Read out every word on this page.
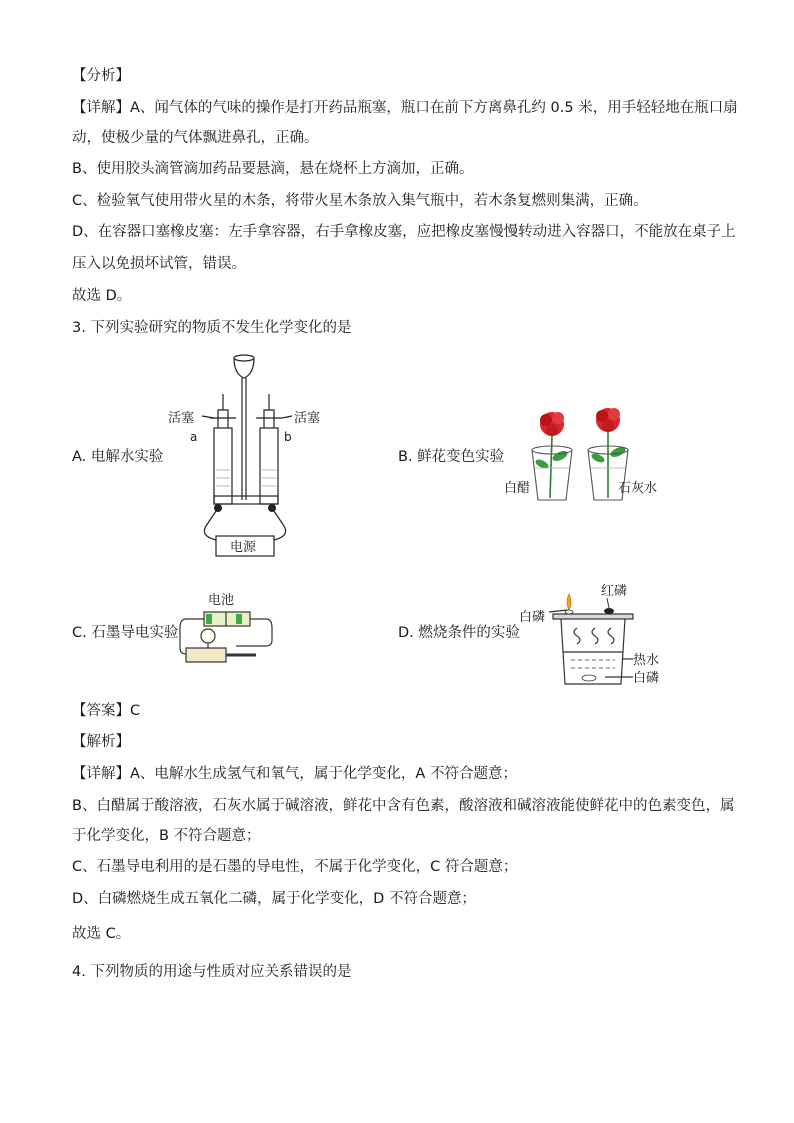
【分析】
【详解】A、闻气体的气味的操作是打开药品瓶塞，瓶口在前下方离鼻孔约 0.5 米，用手轻轻地在瓶口扇
动，使极少量的气体飘进鼻孔，正确。
B、使用胶头滴管滴加药品要悬滴，悬在烧杯上方滴加，正确。
C、检验氧气使用带火星的木条，将带火星木条放入集气瓶中，若木条复燃则集满，正确。
D、在容器口塞橡皮塞：左手拿容器，右手拿橡皮塞，应把橡皮塞慢慢转动进入容器口，不能放在桌子上
压入以免损坏试管，错误。
故选 D。
3. 下列实验研究的物质不发生化学变化的是
A. 电解水实验	B. 鲜花变色实验
C. 石墨导电实验	D. 燃烧条件的实验
活塞	活塞
a	b
电源
白醋	石灰水
电池
红磷
白磷
热水
白磷
【答案】C
【解析】
【详解】A、电解水生成氢气和氧气，属于化学变化，A 不符合题意；
B、白醋属于酸溶液，石灰水属于碱溶液，鲜花中含有色素，酸溶液和碱溶液能使鲜花中的色素变色，属
于化学变化，B 不符合题意；
C、石墨导电利用的是石墨的导电性，不属于化学变化，C 符合题意；
D、白磷燃烧生成五氧化二磷，属于化学变化，D 不符合题意；
故选 C。
4. 下列物质的用途与性质对应关系错误的是
